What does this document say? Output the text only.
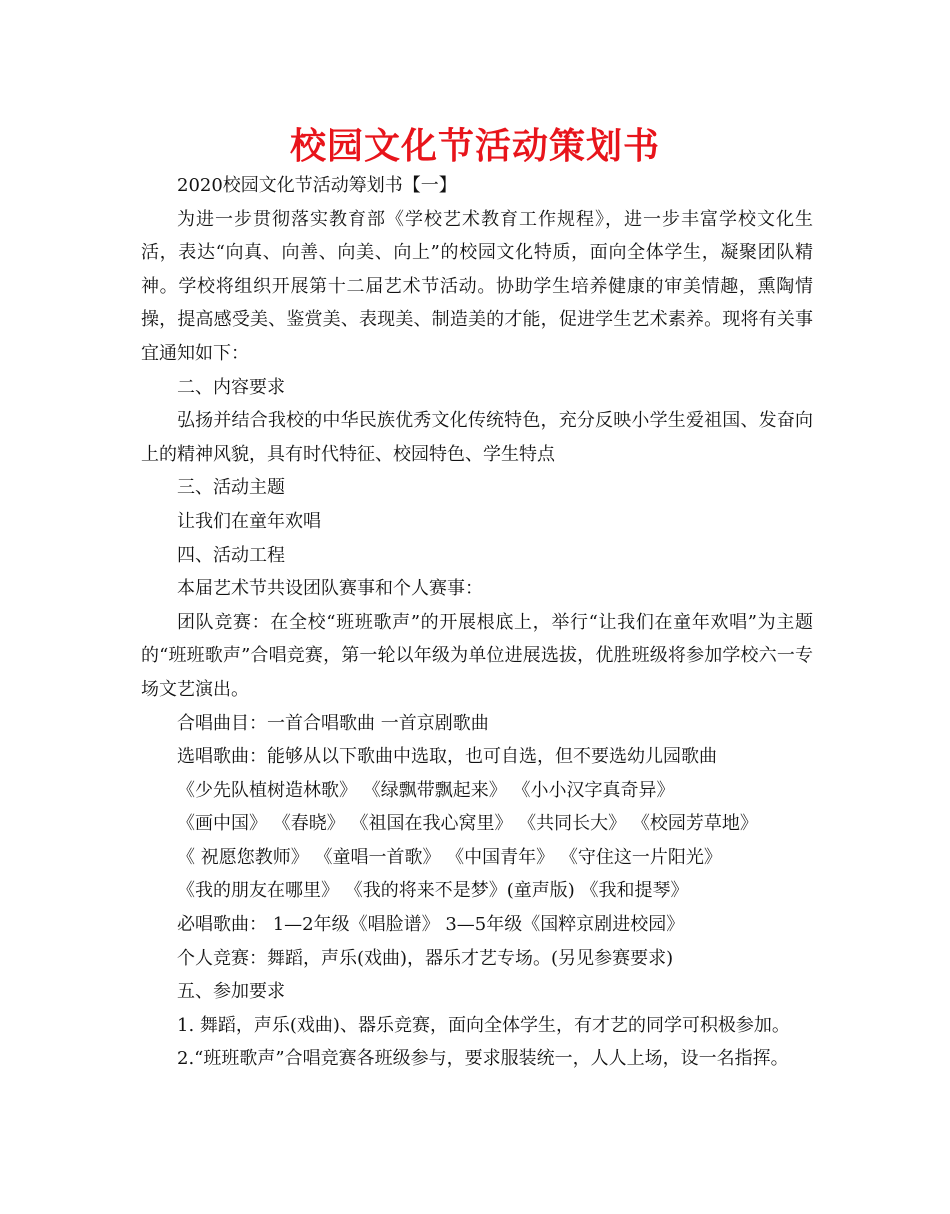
校园文化节活动策划书

2020校园文化节活动筹划书【一】

为进一步贯彻落实教育部《学校艺术教育工作规程》，进一步丰富学校文化生活，表达“向真、向善、向美、向上”的校园文化特质，面向全体学生，凝聚团队精神。学校将组织开展第十二届艺术节活动。协助学生培养健康的审美情趣，熏陶情操，提高感受美、鉴赏美、表现美、制造美的才能，促进学生艺术素养。现将有关事宜通知如下：

二、内容要求

弘扬并结合我校的中华民族优秀文化传统特色，充分反映小学生爱祖国、发奋向上的精神风貌，具有时代特征、校园特色、学生特点

三、活动主题

让我们在童年欢唱

四、活动工程

本届艺术节共设团队赛事和个人赛事：

团队竞赛：在全校“班班歌声”的开展根底上，举行“让我们在童年欢唱”为主题的“班班歌声”合唱竞赛，第一轮以年级为单位进展选拔，优胜班级将参加学校六一专场文艺演出。

合唱曲目：一首合唱歌曲 一首京剧歌曲

选唱歌曲：能够从以下歌曲中选取，也可自选，但不要选幼儿园歌曲

《少先队植树造林歌》 《绿飘带飘起来》 《小小汉字真奇异》

《画中国》 《春晓》 《祖国在我心窝里》 《共同长大》 《校园芳草地》

《 祝愿您教师》 《童唱一首歌》 《中国青年》 《守住这一片阳光》

《我的朋友在哪里》 《我的将来不是梦》(童声版) 《我和提琴》

必唱歌曲： 1—2年级《唱脸谱》 3—5年级《国粹京剧进校园》

个人竞赛：舞蹈，声乐(戏曲)，器乐才艺专场。(另见参赛要求)

五、参加要求

1. 舞蹈，声乐(戏曲)、器乐竞赛，面向全体学生，有才艺的同学可积极参加。

2.“班班歌声”合唱竞赛各班级参与，要求服装统一，人人上场，设一名指挥。
